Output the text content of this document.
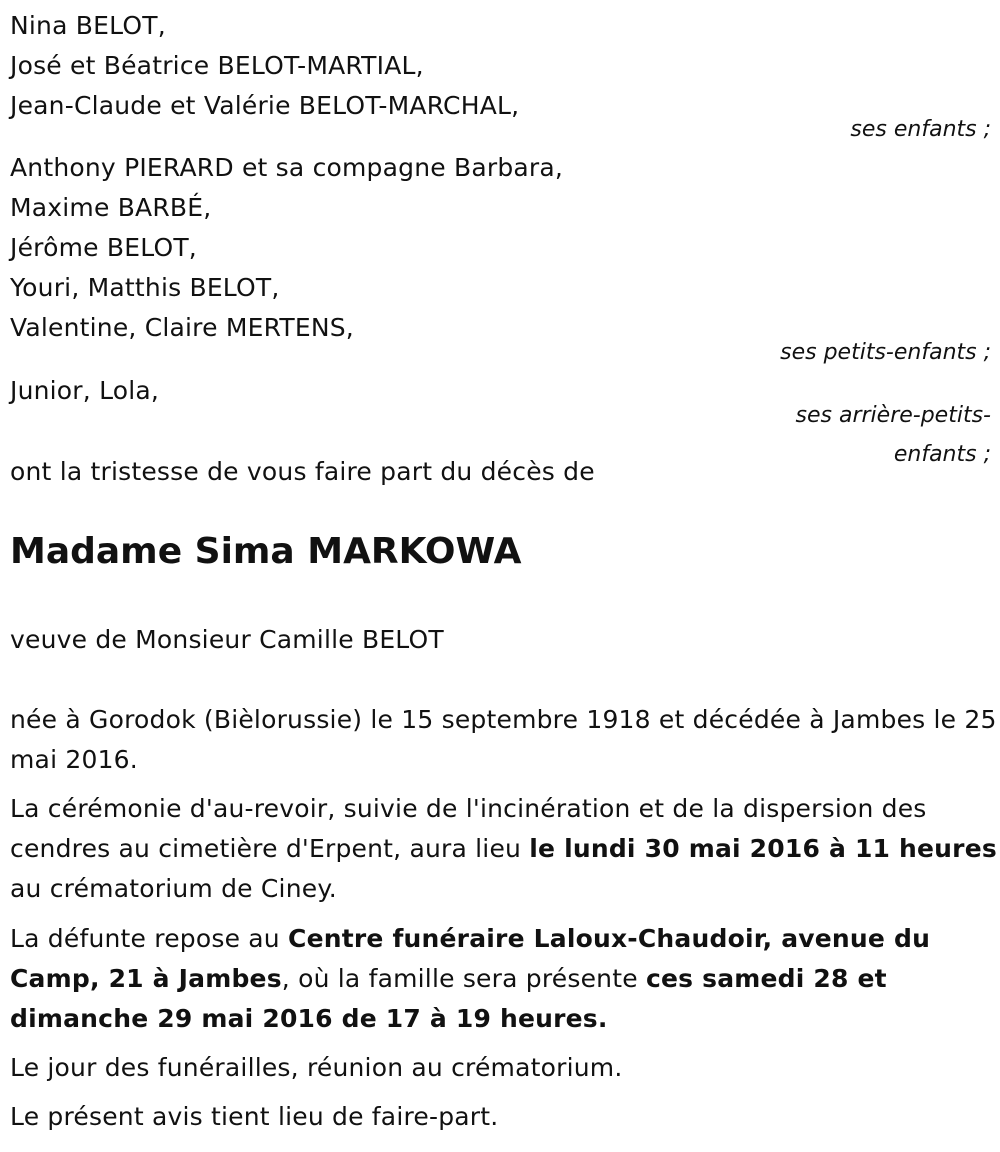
Nina BELOT,
José et Béatrice BELOT-MARTIAL,
Jean-Claude et Valérie BELOT-MARCHAL,
ses enfants ;
Anthony PIERARD et sa compagne Barbara,
Maxime BARBÉ,
Jérôme BELOT,
Youri, Matthis BELOT,
Valentine, Claire MERTENS,
ses petits-enfants ;
Junior, Lola,
ses arrière-petits-
enfants ;
ont la tristesse de vous faire part du décès de
Madame Sima MARKOWA
veuve de Monsieur Camille BELOT
née à Gorodok (Bièlorussie) le 15 septembre 1918 et décédée à Jambes le 25 mai 2016.
La cérémonie d'au-revoir, suivie de l'incinération et de la dispersion des cendres au cimetière d'Erpent, aura lieu le lundi 30 mai 2016 à 11 heures au crématorium de Ciney.
La défunte repose au Centre funéraire Laloux-Chaudoir, avenue du Camp, 21 à Jambes, où la famille sera présente ces samedi 28 et dimanche 29 mai 2016 de 17 à 19 heures.
Le jour des funérailles, réunion au crématorium.
Le présent avis tient lieu de faire-part.
